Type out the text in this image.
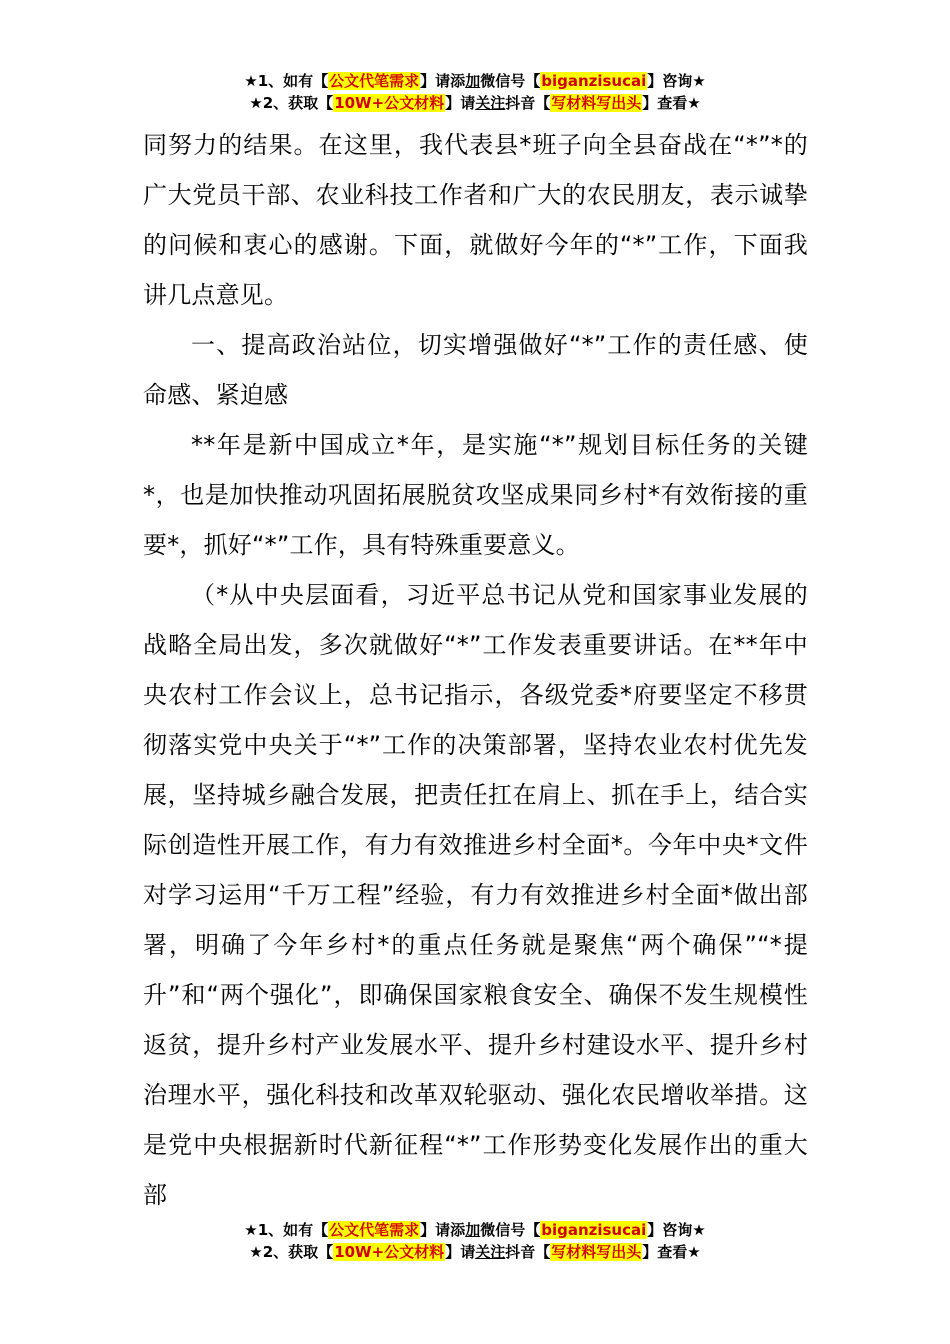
★1、如有【公文代笔需求】请添加微信号【biganzisucai】咨询★
★2、获取【10W+公文材料】请关注抖音【写材料写出头】查看★

同努力的结果。在这里，我代表县*班子向全县奋战在“*”*的广大党员干部、农业科技工作者和广大的农民朋友，表示诚挚的问候和衷心的感谢。下面，就做好今年的“*”工作，下面我讲几点意见。

一、提高政治站位，切实增强做好“*”工作的责任感、使命感、紧迫感

**年是新中国成立*年，是实施“*”规划目标任务的关键*，也是加快推动巩固拓展脱贫攻坚成果同乡村*有效衔接的重要*，抓好“*”工作，具有特殊重要意义。

（*从中央层面看，习近平总书记从党和国家事业发展的战略全局出发，多次就做好“*”工作发表重要讲话。在**年中央农村工作会议上，总书记指示，各级党委*府要坚定不移贯彻落实党中央关于“*”工作的决策部署，坚持农业农村优先发展，坚持城乡融合发展，把责任扛在肩上、抓在手上，结合实际创造性开展工作，有力有效推进乡村全面*。今年中央*文件对学习运用“千万工程”经验，有力有效推进乡村全面*做出部署，明确了今年乡村*的重点任务就是聚焦“两个确保”“*提升”和“两个强化”，即确保国家粮食安全、确保不发生规模性返贫，提升乡村产业发展水平、提升乡村建设水平、提升乡村治理水平，强化科技和改革双轮驱动、强化农民增收举措。这是党中央根据新时代新征程“*”工作形势变化发展作出的重大部

★1、如有【公文代笔需求】请添加微信号【biganzisucai】咨询★
★2、获取【10W+公文材料】请关注抖音【写材料写出头】查看★
